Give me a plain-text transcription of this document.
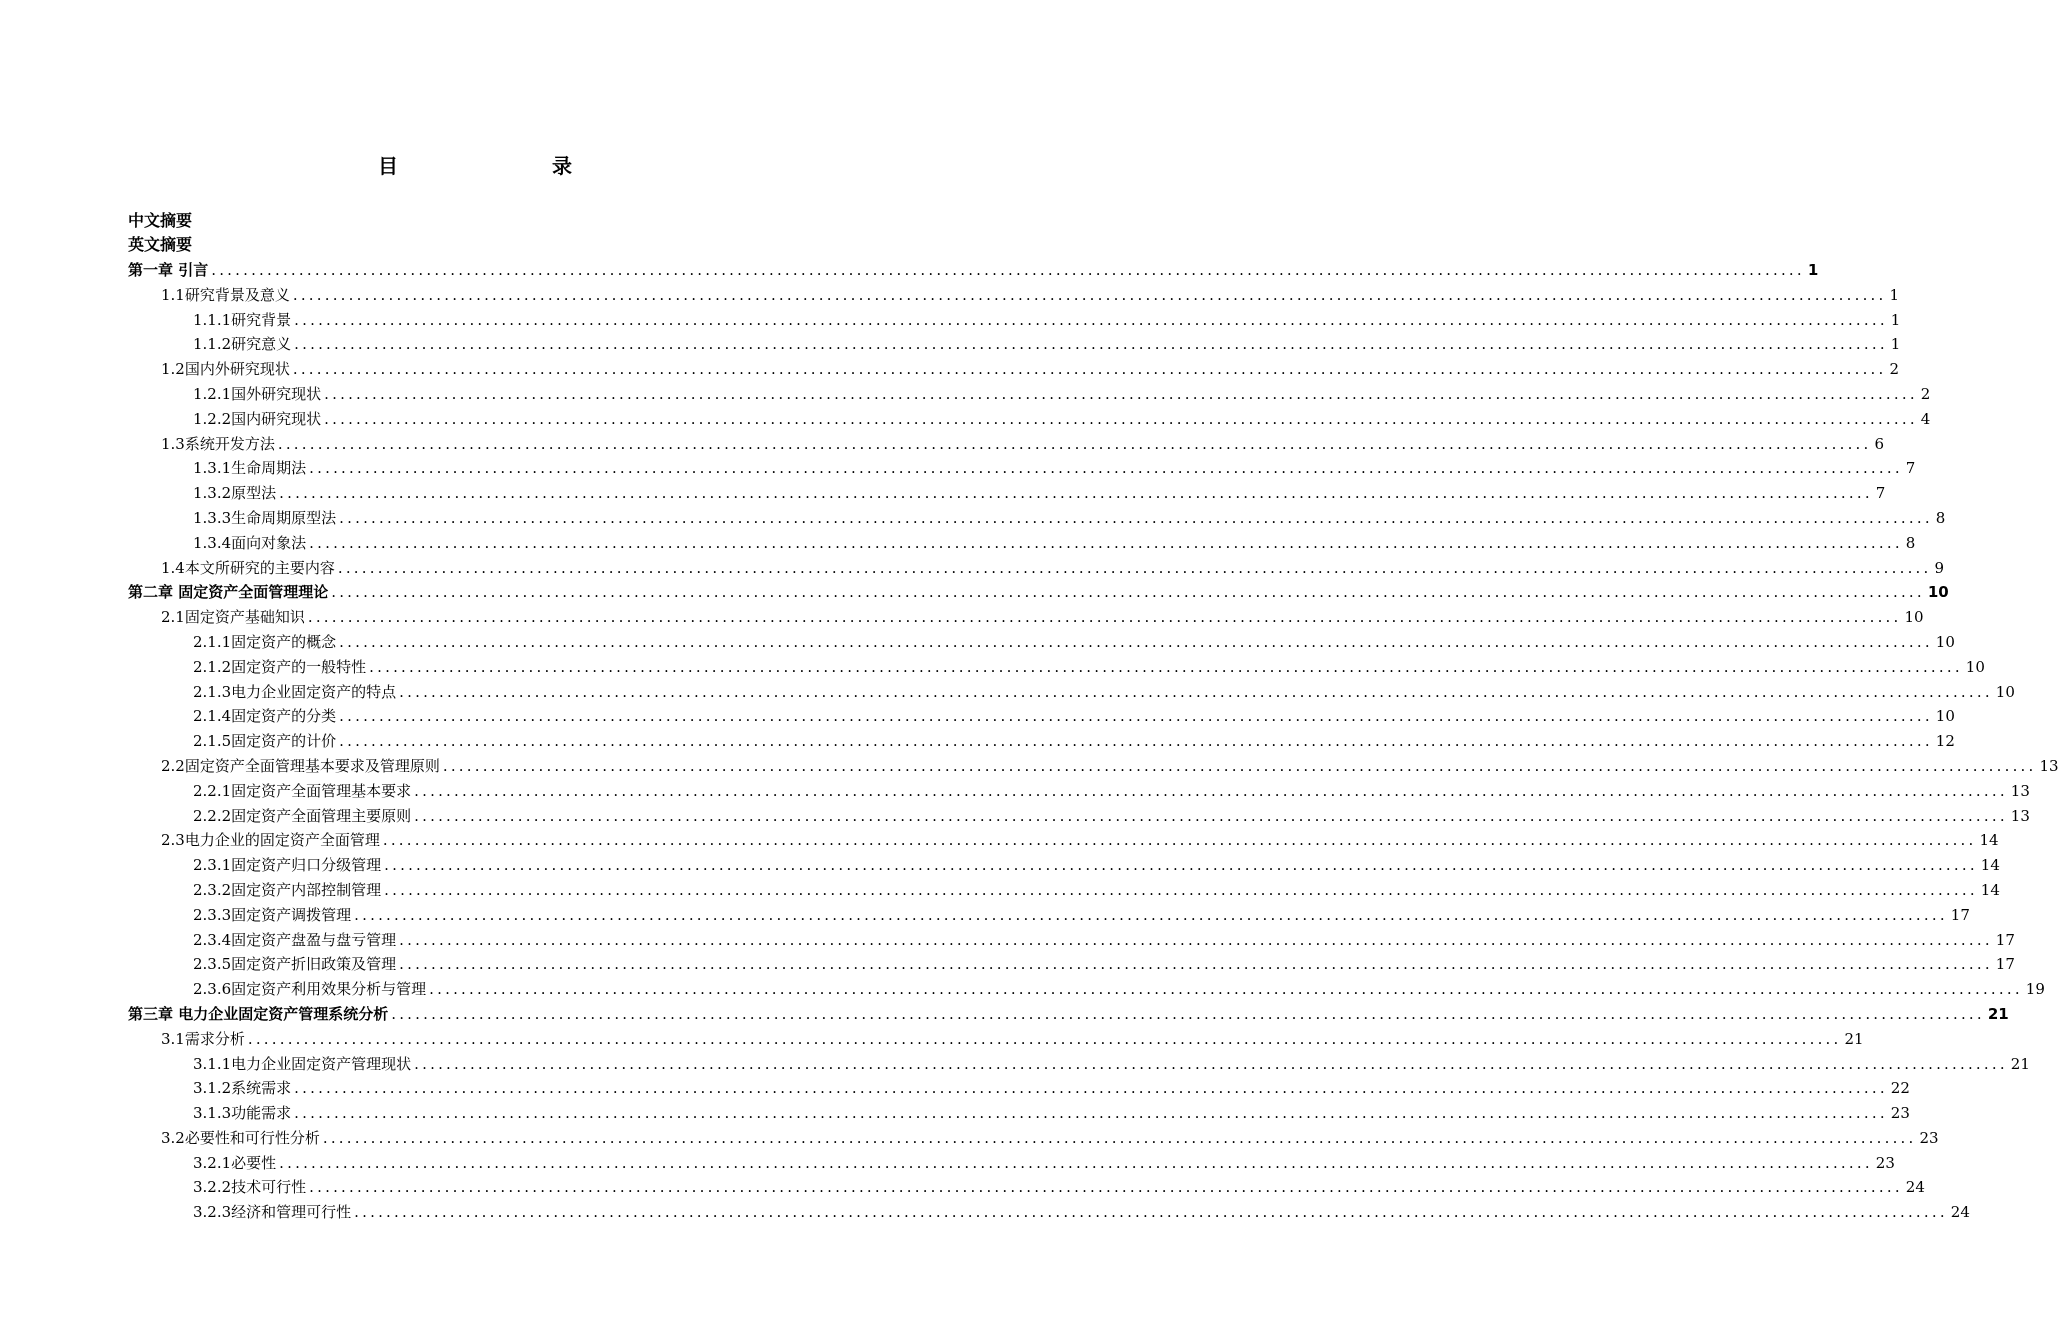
目　　录
中文摘要
英文摘要
第一章 引言 ........................................................................................................................................................................................................ 1
1.1研究背景及意义 ........................................................................................................................................................................................................ 1
1.1.1研究背景 ........................................................................................................................................................................................................ 1
1.1.2研究意义 ........................................................................................................................................................................................................ 1
1.2国内外研究现状 ........................................................................................................................................................................................................ 2
1.2.1国外研究现状 ........................................................................................................................................................................................................ 2
1.2.2国内研究现状 ........................................................................................................................................................................................................ 4
1.3系统开发方法 ........................................................................................................................................................................................................ 6
1.3.1生命周期法 ........................................................................................................................................................................................................ 7
1.3.2原型法 ........................................................................................................................................................................................................ 7
1.3.3生命周期原型法 ........................................................................................................................................................................................................ 8
1.3.4面向对象法 ........................................................................................................................................................................................................ 8
1.4本文所研究的主要内容 ........................................................................................................................................................................................................ 9
第二章 固定资产全面管理理论 ........................................................................................................................................................................................................ 10
2.1固定资产基础知识 ........................................................................................................................................................................................................ 10
2.1.1固定资产的概念 ........................................................................................................................................................................................................ 10
2.1.2固定资产的一般特性 ........................................................................................................................................................................................................ 10
2.1.3电力企业固定资产的特点 ........................................................................................................................................................................................................ 10
2.1.4固定资产的分类 ........................................................................................................................................................................................................ 10
2.1.5固定资产的计价 ........................................................................................................................................................................................................ 12
2.2固定资产全面管理基本要求及管理原则 ........................................................................................................................................................................................................ 13
2.2.1固定资产全面管理基本要求 ........................................................................................................................................................................................................ 13
2.2.2固定资产全面管理主要原则 ........................................................................................................................................................................................................ 13
2.3电力企业的固定资产全面管理 ........................................................................................................................................................................................................ 14
2.3.1固定资产归口分级管理 ........................................................................................................................................................................................................ 14
2.3.2固定资产内部控制管理 ........................................................................................................................................................................................................ 14
2.3.3固定资产调拨管理 ........................................................................................................................................................................................................ 17
2.3.4固定资产盘盈与盘亏管理 ........................................................................................................................................................................................................ 17
2.3.5固定资产折旧政策及管理 ........................................................................................................................................................................................................ 17
2.3.6固定资产利用效果分析与管理 ........................................................................................................................................................................................................ 19
第三章 电力企业固定资产管理系统分析 ........................................................................................................................................................................................................ 21
3.1需求分析 ........................................................................................................................................................................................................ 21
3.1.1电力企业固定资产管理现状 ........................................................................................................................................................................................................ 21
3.1.2系统需求 ........................................................................................................................................................................................................ 22
3.1.3功能需求 ........................................................................................................................................................................................................ 23
3.2必要性和可行性分析 ........................................................................................................................................................................................................ 23
3.2.1必要性 ........................................................................................................................................................................................................ 23
3.2.2技术可行性 ........................................................................................................................................................................................................ 24
3.2.3经济和管理可行性 ........................................................................................................................................................................................................ 24
